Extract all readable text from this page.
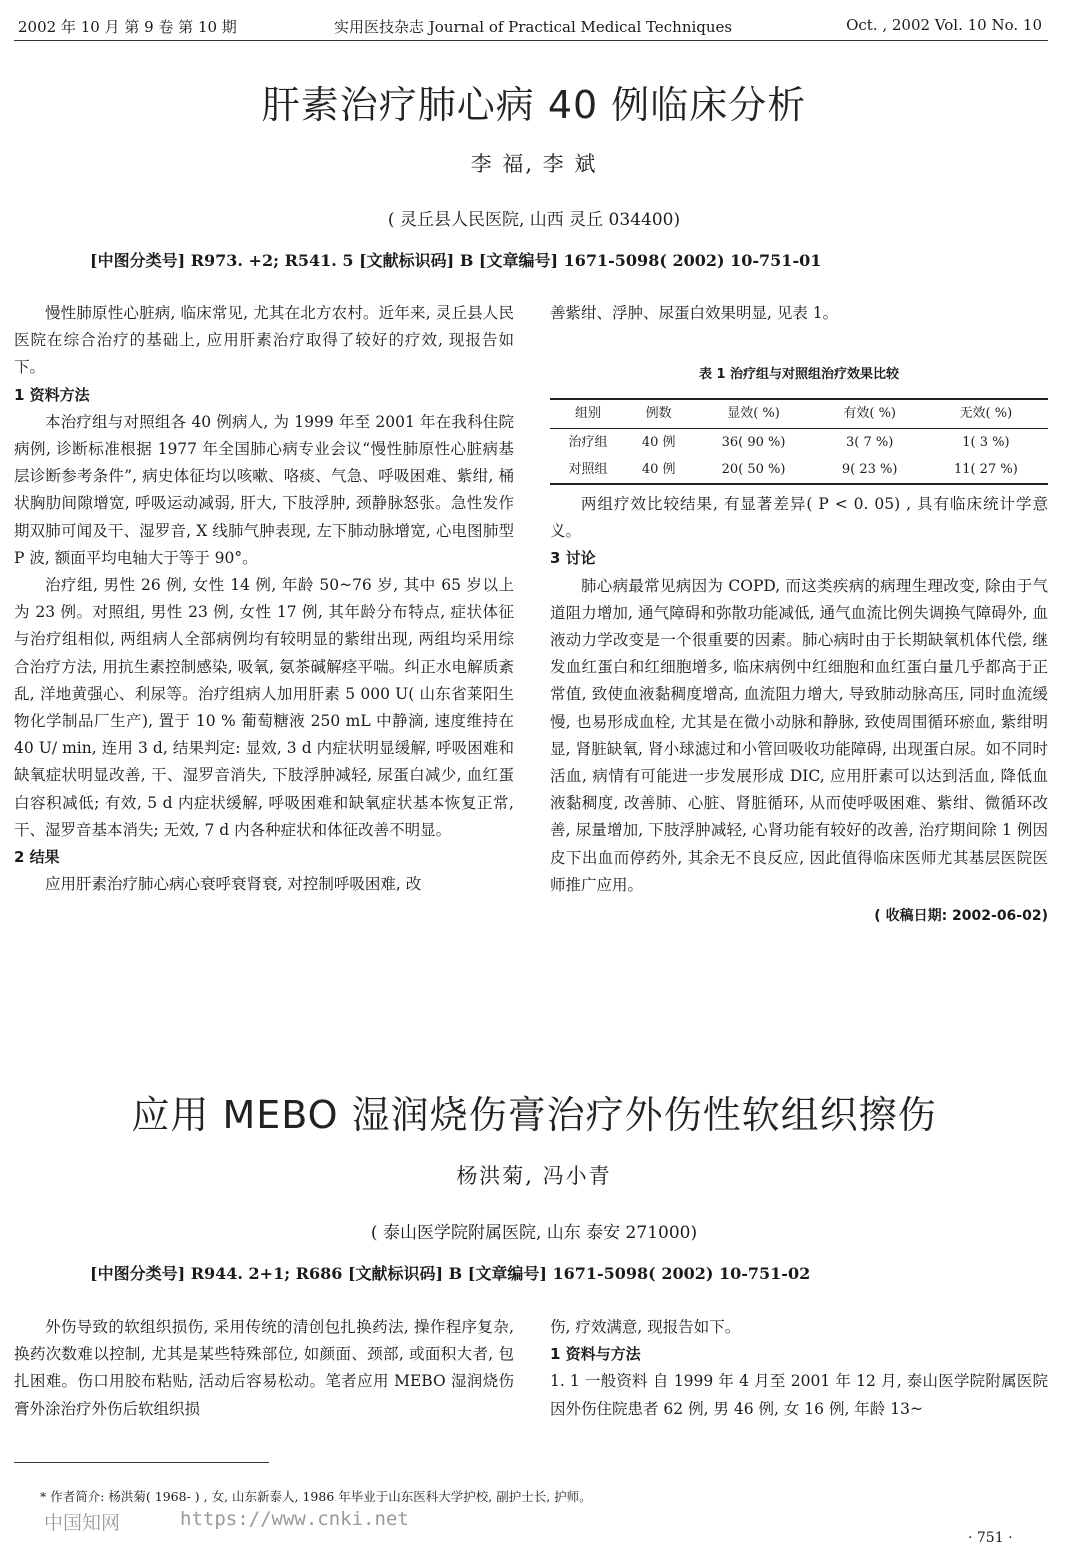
2002 年 10 月 第 9 卷 第 10 期	实用医技杂志 Journal of Practical Medical Techniques	Oct. , 2002 Vol. 10 No. 10
肝素治疗肺心病 40 例临床分析
李 福, 李 斌
( 灵丘县人民医院, 山西 灵丘 034400)
[中图分类号] R973. +2; R541. 5 [文献标识码] B [文章编号] 1671-5098( 2002) 10-751-01

慢性肺原性心脏病, 临床常见, 尤其在北方农村。近年来, 灵丘县人民医院在综合治疗的基础上, 应用肝素治疗取得了较好的疗效, 现报告如下。

1 资料方法

本治疗组与对照组各 40 例病人, 为 1999 年至 2001 年在我科住院病例, 诊断标准根据 1977 年全国肺心病专业会议“慢性肺原性心脏病基层诊断参考条件”, 病史体征均以咳嗽、咯痰、气急、呼吸困难、紫绀, 桶状胸肋间隙增宽, 呼吸运动减弱, 肝大, 下肢浮肿, 颈静脉怒张。急性发作期双肺可闻及干、湿罗音, X 线肺气肿表现, 左下肺动脉增宽, 心电图肺型 P 波, 额面平均电轴大于等于 90°。

治疗组, 男性 26 例, 女性 14 例, 年龄 50~76 岁, 其中 65 岁以上为 23 例。对照组, 男性 23 例, 女性 17 例, 其年龄分布特点, 症状体征与治疗组相似, 两组病人全部病例均有较明显的紫绀出现, 两组均采用综合治疗方法, 用抗生素控制感染, 吸氧, 氨茶碱解痉平喘。纠正水电解质紊乱, 洋地黄强心、利尿等。治疗组病人加用肝素 5 000 U( 山东省莱阳生物化学制品厂生产), 置于 10 % 葡萄糖液 250 mL 中静滴, 速度维持在 40 U/ min, 连用 3 d, 结果判定: 显效, 3 d 内症状明显缓解, 呼吸困难和缺氧症状明显改善, 干、湿罗音消失, 下肢浮肿减轻, 尿蛋白减少, 血红蛋白容积减低; 有效, 5 d 内症状缓解, 呼吸困难和缺氧症状基本恢复正常, 干、湿罗音基本消失; 无效, 7 d 内各种症状和体征改善不明显。

2 结果

应用肝素治疗肺心病心衰呼衰肾衰, 对控制呼吸困难, 改

善紫绀、浮肿、尿蛋白效果明显, 见表 1。

表 1 治疗组与对照组治疗效果比较
组别	例数	显效( %)	有效( %)	无效( %)
治疗组	40 例	36( 90 %)	3( 7 %)	1( 3 %)
对照组	40 例	20( 50 %)	9( 23 %)	11( 27 %)

两组疗效比较结果, 有显著差异( P < 0. 05) , 具有临床统计学意义。

3 讨论

肺心病最常见病因为 COPD, 而这类疾病的病理生理改变, 除由于气道阻力增加, 通气障碍和弥散功能减低, 通气血流比例失调换气障碍外, 血液动力学改变是一个很重要的因素。肺心病时由于长期缺氧机体代偿, 继发血红蛋白和红细胞增多, 临床病例中红细胞和血红蛋白量几乎都高于正常值, 致使血液黏稠度增高, 血流阻力增大, 导致肺动脉高压, 同时血流缓慢, 也易形成血栓, 尤其是在微小动脉和静脉, 致使周围循环瘀血, 紫绀明显, 肾脏缺氧, 肾小球滤过和小管回吸收功能障碍, 出现蛋白尿。如不同时活血, 病情有可能进一步发展形成 DIC, 应用肝素可以达到活血, 降低血液黏稠度, 改善肺、心脏、肾脏循环, 从而使呼吸困难、紫绀、微循环改善, 尿量增加, 下肢浮肿减轻, 心肾功能有较好的改善, 治疗期间除 1 例因皮下出血而停药外, 其余无不良反应, 因此值得临床医师尤其基层医院医师推广应用。

( 收稿日期: 2002-06-02)
应用 MEBO 湿润烧伤膏治疗外伤性软组织擦伤
杨洪菊, 冯小青
( 泰山医学院附属医院, 山东 泰安 271000)
[中图分类号] R944. 2+1; R686 [文献标识码] B [文章编号] 1671-5098( 2002) 10-751-02

外伤导致的软组织损伤, 采用传统的清创包扎换药法, 操作程序复杂, 换药次数难以控制, 尤其是某些特殊部位, 如颜面、颈部, 或面积大者, 包扎困难。伤口用胶布粘贴, 活动后容易松动。笔者应用 MEBO 湿润烧伤膏外涂治疗外伤后软组织损

伤, 疗效满意, 现报告如下。

1 资料与方法

1. 1 一般资料 自 1999 年 4 月至 2001 年 12 月, 泰山医学院附属医院因外伤住院患者 62 例, 男 46 例, 女 16 例, 年龄 13~

* 作者简介: 杨洪菊( 1968- ) , 女, 山东新泰人, 1986 年毕业于山东医科大学护校, 副护士长, 护师。
中国知网	https://www.cnki.net
· 751 ·
